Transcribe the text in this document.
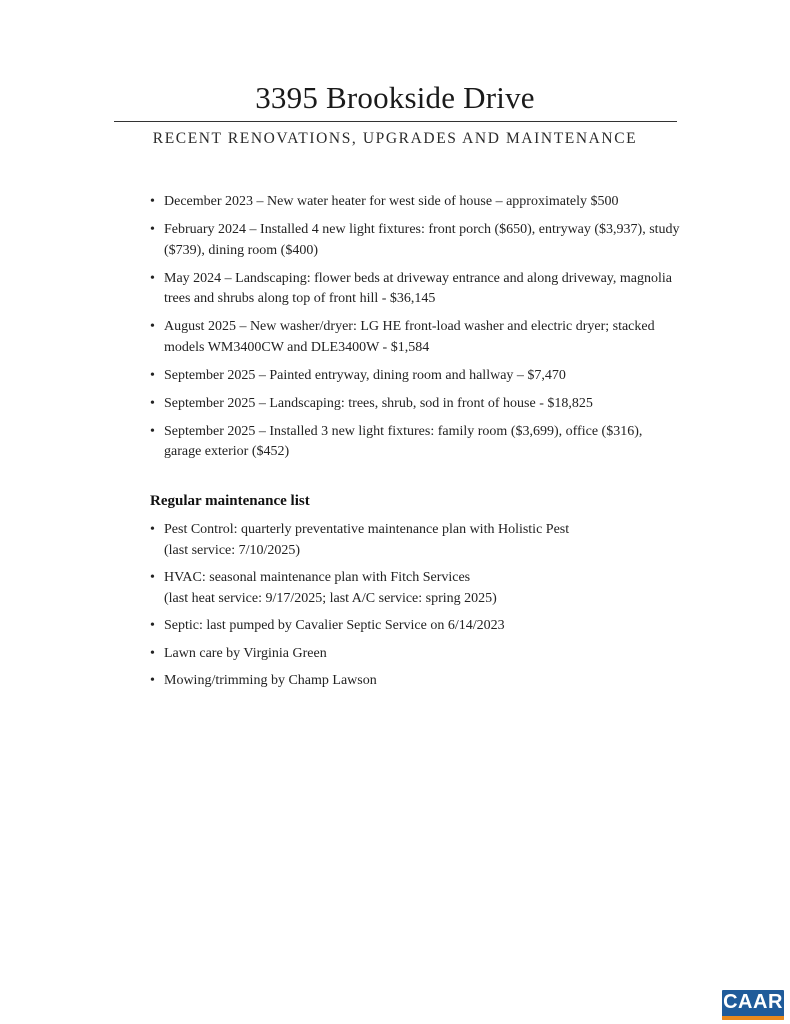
3395 Brookside Drive
RECENT RENOVATIONS, UPGRADES AND MAINTENANCE
• December 2023 – New water heater for west side of house – approximately $500
• February 2024 – Installed 4 new light fixtures: front porch ($650), entryway ($3,937), study ($739), dining room ($400)
• May 2024 – Landscaping: flower beds at driveway entrance and along driveway, magnolia trees and shrubs along top of front hill - $36,145
• August 2025 – New washer/dryer: LG HE front-load washer and electric dryer; stacked models WM3400CW and DLE3400W - $1,584
• September 2025 – Painted entryway, dining room and hallway – $7,470
• September 2025 – Landscaping: trees, shrub, sod in front of house - $18,825
• September 2025 – Installed 3 new light fixtures: family room ($3,699), office ($316), garage exterior ($452)
Regular maintenance list
• Pest Control: quarterly preventative maintenance plan with Holistic Pest
(last service: 7/10/2025)
• HVAC: seasonal maintenance plan with Fitch Services
(last heat service: 9/17/2025; last A/C service: spring 2025)
• Septic: last pumped by Cavalier Septic Service on 6/14/2023
• Lawn care by Virginia Green
• Mowing/trimming by Champ Lawson
CAAR
